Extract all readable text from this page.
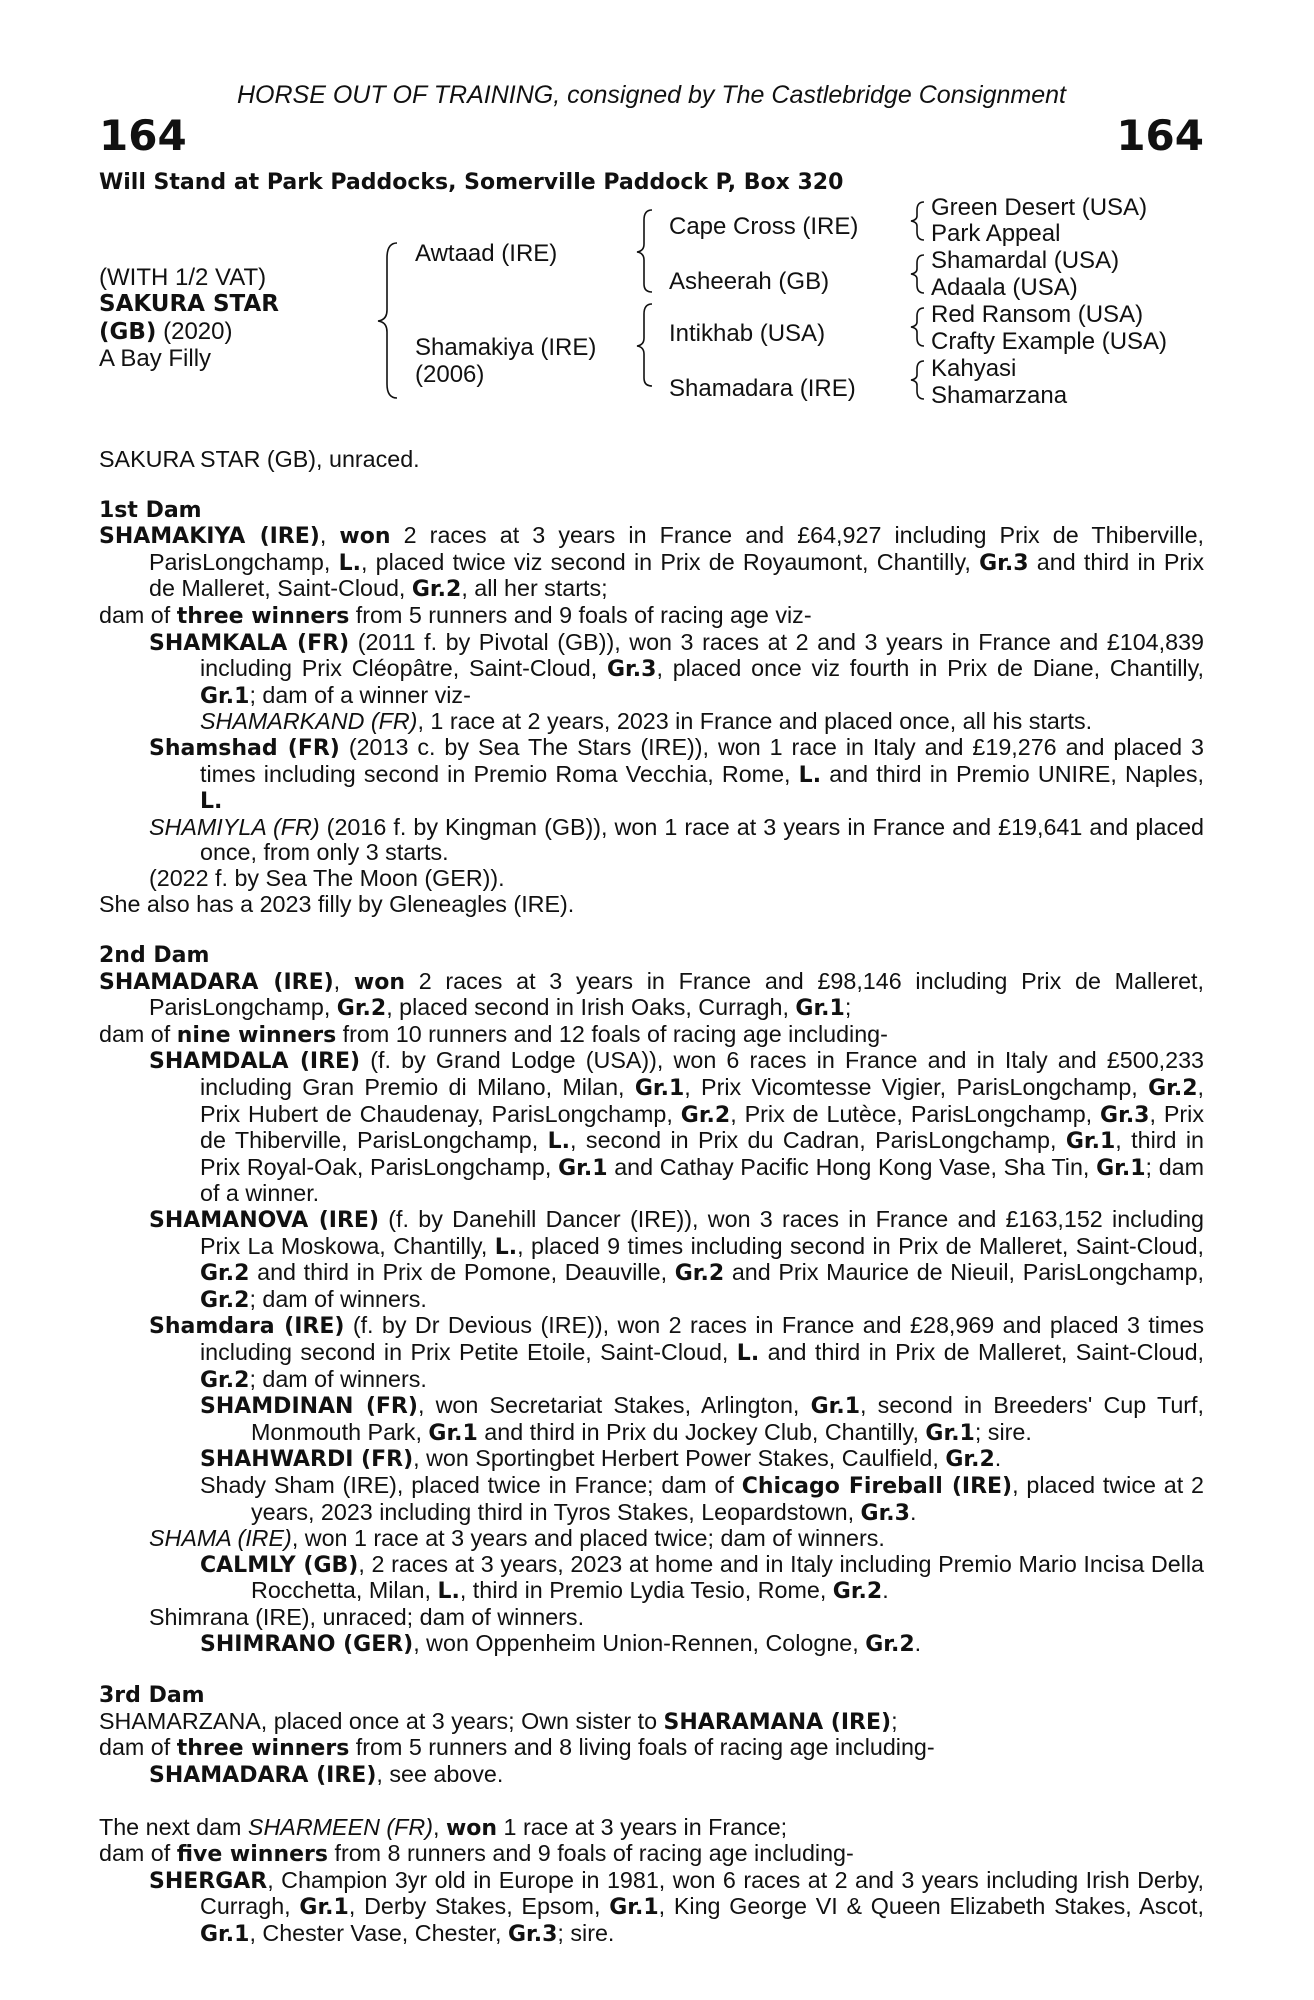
HORSE OUT OF TRAINING, consigned by The Castlebridge Consignment
164	164
Will Stand at Park Paddocks, Somerville Paddock P, Box 320
(WITH 1/2 VAT)
SAKURA STAR
(GB) (2020)
A Bay Filly
Awtaad (IRE)
Shamakiya (IRE)
(2006)
Cape Cross (IRE)
Asheerah (GB)
Intikhab (USA)
Shamadara (IRE)
Green Desert (USA)
Park Appeal
Shamardal (USA)
Adaala (USA)
Red Ransom (USA)
Crafty Example (USA)
Kahyasi
Shamarzana

SAKURA STAR (GB), unraced.

1st Dam

SHAMAKIYA (IRE), won 2 races at 3 years in France and £64,927 including Prix de Thiberville, ParisLongchamp, L., placed twice viz second in Prix de Royaumont, Chantilly, Gr.3 and third in Prix de Malleret, Saint-Cloud, Gr.2, all her starts;

dam of three winners from 5 runners and 9 foals of racing age viz-

SHAMKALA (FR) (2011 f. by Pivotal (GB)), won 3 races at 2 and 3 years in France and £104,839 including Prix Cléopâtre, Saint-Cloud, Gr.3, placed once viz fourth in Prix de Diane, Chantilly, Gr.1; dam of a winner viz-

SHAMARKAND (FR), 1 race at 2 years, 2023 in France and placed once, all his starts.

Shamshad (FR) (2013 c. by Sea The Stars (IRE)), won 1 race in Italy and £19,276 and placed 3 times including second in Premio Roma Vecchia, Rome, L. and third in Premio UNIRE, Naples, L.

SHAMIYLA (FR) (2016 f. by Kingman (GB)), won 1 race at 3 years in France and £19,641 and placed once, from only 3 starts.

(2022 f. by Sea The Moon (GER)).

She also has a 2023 filly by Gleneagles (IRE).

2nd Dam

SHAMADARA (IRE), won 2 races at 3 years in France and £98,146 including Prix de Malleret, ParisLongchamp, Gr.2, placed second in Irish Oaks, Curragh, Gr.1;

dam of nine winners from 10 runners and 12 foals of racing age including-

SHAMDALA (IRE) (f. by Grand Lodge (USA)), won 6 races in France and in Italy and £500,233 including Gran Premio di Milano, Milan, Gr.1, Prix Vicomtesse Vigier, ParisLongchamp, Gr.2, Prix Hubert de Chaudenay, ParisLongchamp, Gr.2, Prix de Lutèce, ParisLongchamp, Gr.3, Prix de Thiberville, ParisLongchamp, L., second in Prix du Cadran, ParisLongchamp, Gr.1, third in Prix Royal-Oak, ParisLongchamp, Gr.1 and Cathay Pacific Hong Kong Vase, Sha Tin, Gr.1; dam of a winner.

SHAMANOVA (IRE) (f. by Danehill Dancer (IRE)), won 3 races in France and £163,152 including Prix La Moskowa, Chantilly, L., placed 9 times including second in Prix de Malleret, Saint-Cloud, Gr.2 and third in Prix de Pomone, Deauville, Gr.2 and Prix Maurice de Nieuil, ParisLongchamp, Gr.2; dam of winners.

Shamdara (IRE) (f. by Dr Devious (IRE)), won 2 races in France and £28,969 and placed 3 times including second in Prix Petite Etoile, Saint-Cloud, L. and third in Prix de Malleret, Saint-Cloud, Gr.2; dam of winners.

SHAMDINAN (FR), won Secretariat Stakes, Arlington, Gr.1, second in Breeders' Cup Turf, Monmouth Park, Gr.1 and third in Prix du Jockey Club, Chantilly, Gr.1; sire.

SHAHWARDI (FR), won Sportingbet Herbert Power Stakes, Caulfield, Gr.2.

Shady Sham (IRE), placed twice in France; dam of Chicago Fireball (IRE), placed twice at 2 years, 2023 including third in Tyros Stakes, Leopardstown, Gr.3.

SHAMA (IRE), won 1 race at 3 years and placed twice; dam of winners.

CALMLY (GB), 2 races at 3 years, 2023 at home and in Italy including Premio Mario Incisa Della Rocchetta, Milan, L., third in Premio Lydia Tesio, Rome, Gr.2.

Shimrana (IRE), unraced; dam of winners.

SHIMRANO (GER), won Oppenheim Union-Rennen, Cologne, Gr.2.

3rd Dam

SHAMARZANA, placed once at 3 years; Own sister to SHARAMANA (IRE);

dam of three winners from 5 runners and 8 living foals of racing age including-

SHAMADARA (IRE), see above.

The next dam SHARMEEN (FR), won 1 race at 3 years in France;

dam of five winners from 8 runners and 9 foals of racing age including-

SHERGAR, Champion 3yr old in Europe in 1981, won 6 races at 2 and 3 years including Irish Derby, Curragh, Gr.1, Derby Stakes, Epsom, Gr.1, King George VI & Queen Elizabeth Stakes, Ascot, Gr.1, Chester Vase, Chester, Gr.3; sire.
